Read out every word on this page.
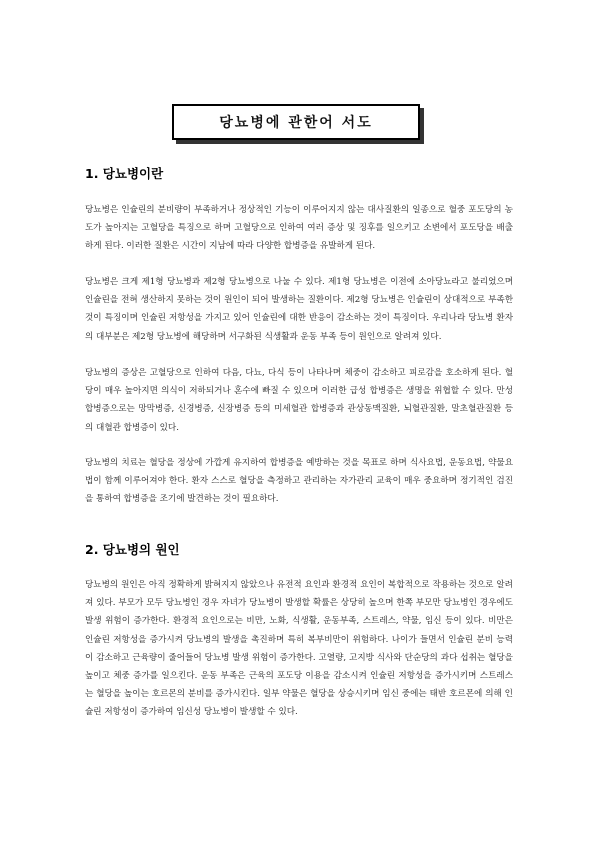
당뇨병에 관한어 서도
1. 당뇨병이란
당뇨병은 인슐린의 분비량이 부족하거나 정상적인 기능이 이루어지지 않는 대사질환의 일종으로 혈중 포도당의 농도가 높아지는 고혈당을 특징으로 하며 고혈당으로 인하여 여러 증상 및 징후를 일으키고 소변에서 포도당을 배출하게 된다. 이러한 질환은 시간이 지남에 따라 다양한 합병증을 유발하게 된다.
당뇨병은 크게 제1형 당뇨병과 제2형 당뇨병으로 나눌 수 있다. 제1형 당뇨병은 이전에 소아당뇨라고 불리었으며 인슐린을 전혀 생산하지 못하는 것이 원인이 되어 발생하는 질환이다. 제2형 당뇨병은 인슐린이 상대적으로 부족한 것이 특징이며 인슐린 저항성을 가지고 있어 인슐린에 대한 반응이 감소하는 것이 특징이다. 우리나라 당뇨병 환자의 대부분은 제2형 당뇨병에 해당하며 서구화된 식생활과 운동 부족 등이 원인으로 알려져 있다.
당뇨병의 증상은 고혈당으로 인하여 다음, 다뇨, 다식 등이 나타나며 체중이 감소하고 피로감을 호소하게 된다. 혈당이 매우 높아지면 의식이 저하되거나 혼수에 빠질 수 있으며 이러한 급성 합병증은 생명을 위협할 수 있다. 만성 합병증으로는 망막병증, 신경병증, 신장병증 등의 미세혈관 합병증과 관상동맥질환, 뇌혈관질환, 말초혈관질환 등의 대혈관 합병증이 있다.
당뇨병의 치료는 혈당을 정상에 가깝게 유지하여 합병증을 예방하는 것을 목표로 하며 식사요법, 운동요법, 약물요법이 함께 이루어져야 한다. 환자 스스로 혈당을 측정하고 관리하는 자가관리 교육이 매우 중요하며 정기적인 검진을 통하여 합병증을 조기에 발견하는 것이 필요하다.
2. 당뇨병의 원인
당뇨병의 원인은 아직 정확하게 밝혀지지 않았으나 유전적 요인과 환경적 요인이 복합적으로 작용하는 것으로 알려져 있다. 부모가 모두 당뇨병인 경우 자녀가 당뇨병이 발생할 확률은 상당히 높으며 한쪽 부모만 당뇨병인 경우에도 발생 위험이 증가한다. 환경적 요인으로는 비만, 노화, 식생활, 운동부족, 스트레스, 약물, 임신 등이 있다. 비만은 인슐린 저항성을 증가시켜 당뇨병의 발생을 촉진하며 특히 복부비만이 위험하다. 나이가 들면서 인슐린 분비 능력이 감소하고 근육량이 줄어들어 당뇨병 발생 위험이 증가한다. 고열량, 고지방 식사와 단순당의 과다 섭취는 혈당을 높이고 체중 증가를 일으킨다. 운동 부족은 근육의 포도당 이용을 감소시켜 인슐린 저항성을 증가시키며 스트레스는 혈당을 높이는 호르몬의 분비를 증가시킨다. 일부 약물은 혈당을 상승시키며 임신 중에는 태반 호르몬에 의해 인슐린 저항성이 증가하여 임신성 당뇨병이 발생할 수 있다.
